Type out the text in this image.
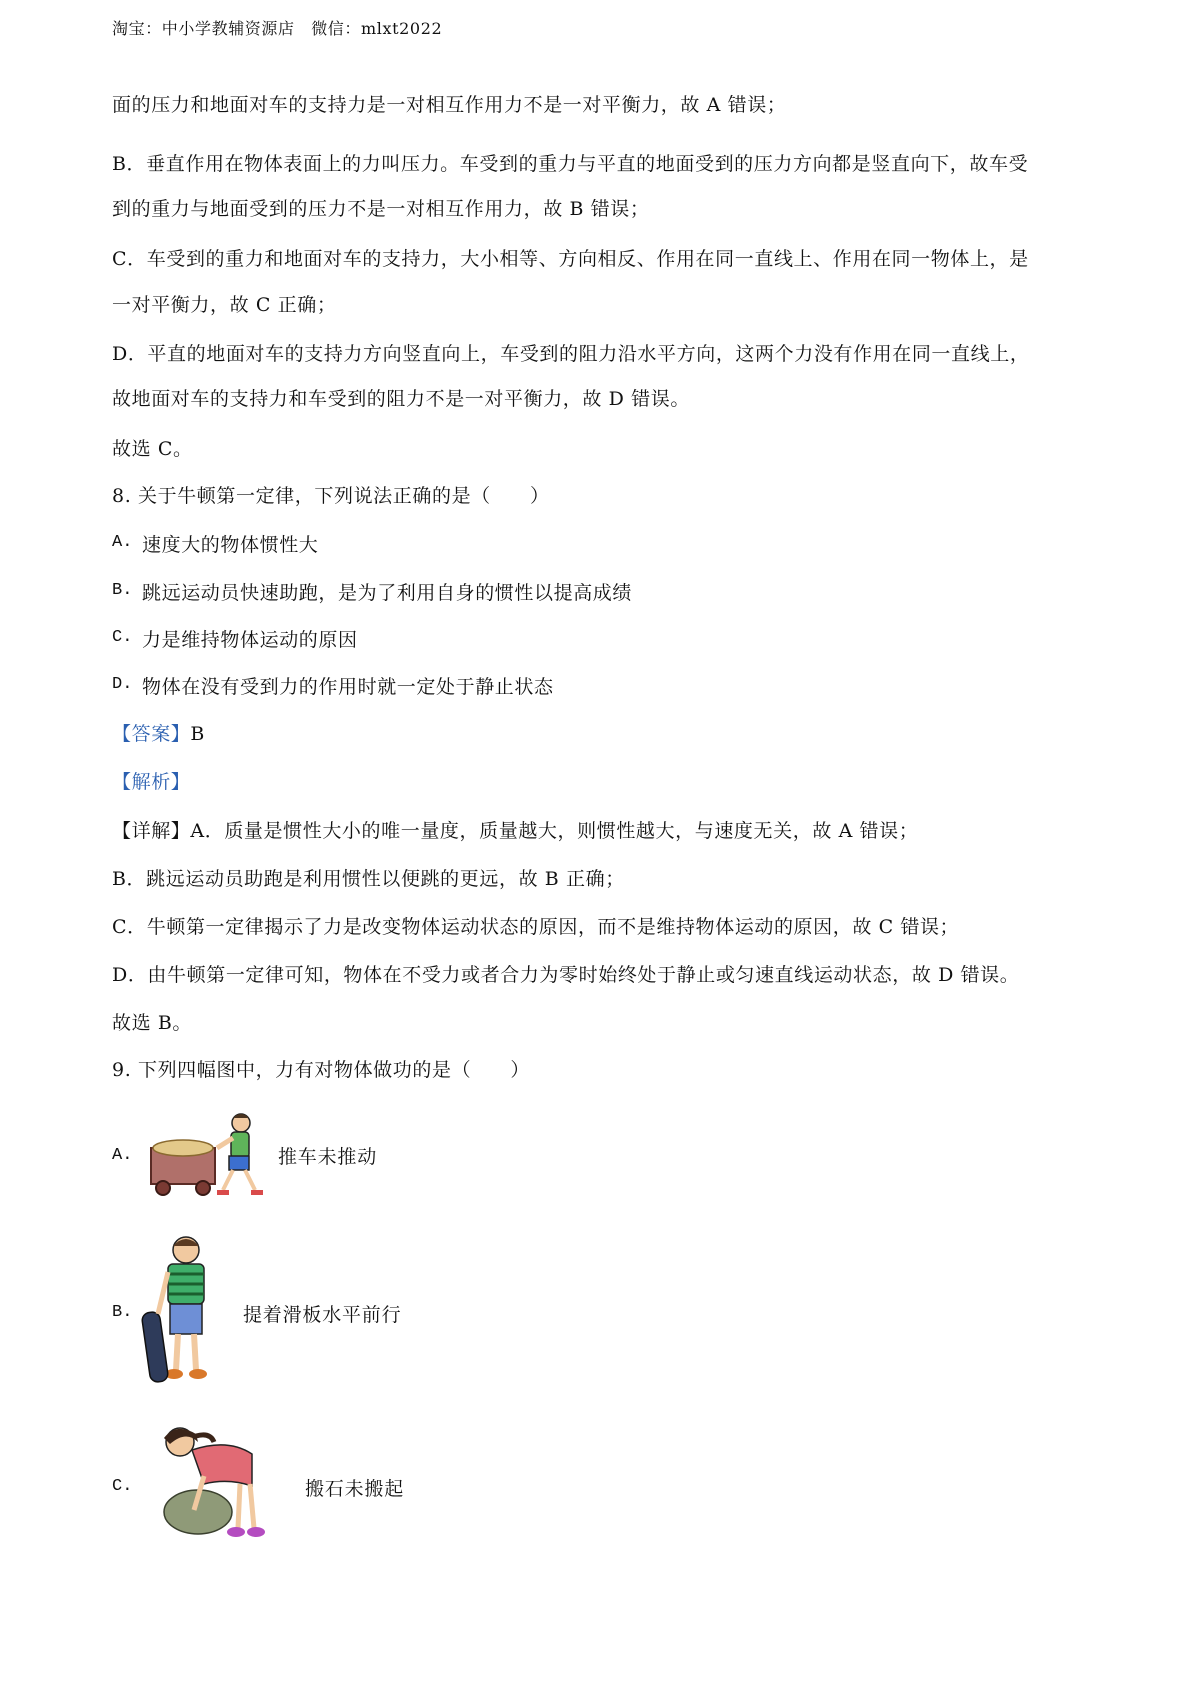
淘宝：中小学教辅资源店　微信：mlxt2022
面的压力和地面对车的支持力是一对相互作用力不是一对平衡力，故 A 错误；
B．垂直作用在物体表面上的力叫压力。车受到的重力与平直的地面受到的压力方向都是竖直向下，故车受
到的重力与地面受到的压力不是一对相互作用力，故 B 错误；
C．车受到的重力和地面对车的支持力，大小相等、方向相反、作用在同一直线上、作用在同一物体上，是
一对平衡力，故 C 正确；
D．平直的地面对车的支持力方向竖直向上，车受到的阻力沿水平方向，这两个力没有作用在同一直线上，
故地面对车的支持力和车受到的阻力不是一对平衡力，故 D 错误。
故选 C。
8. 关于牛顿第一定律，下列说法正确的是（　　）
A. 速度大的物体惯性大
B. 跳远运动员快速助跑，是为了利用自身的惯性以提高成绩
C. 力是维持物体运动的原因
D. 物体在没有受到力的作用时就一定处于静止状态
【答案】B
【解析】
【详解】A．质量是惯性大小的唯一量度，质量越大，则惯性越大，与速度无关，故 A 错误；
B．跳远运动员助跑是利用惯性以便跳的更远，故 B 正确；
C．牛顿第一定律揭示了力是改变物体运动状态的原因，而不是维持物体运动的原因，故 C 错误；
D．由牛顿第一定律可知，物体在不受力或者合力为零时始终处于静止或匀速直线运动状态，故 D 错误。
故选 B。
9. 下列四幅图中，力有对物体做功的是（　　）
A.	推车未推动
B.	提着滑板水平前行
C.	搬石未搬起
